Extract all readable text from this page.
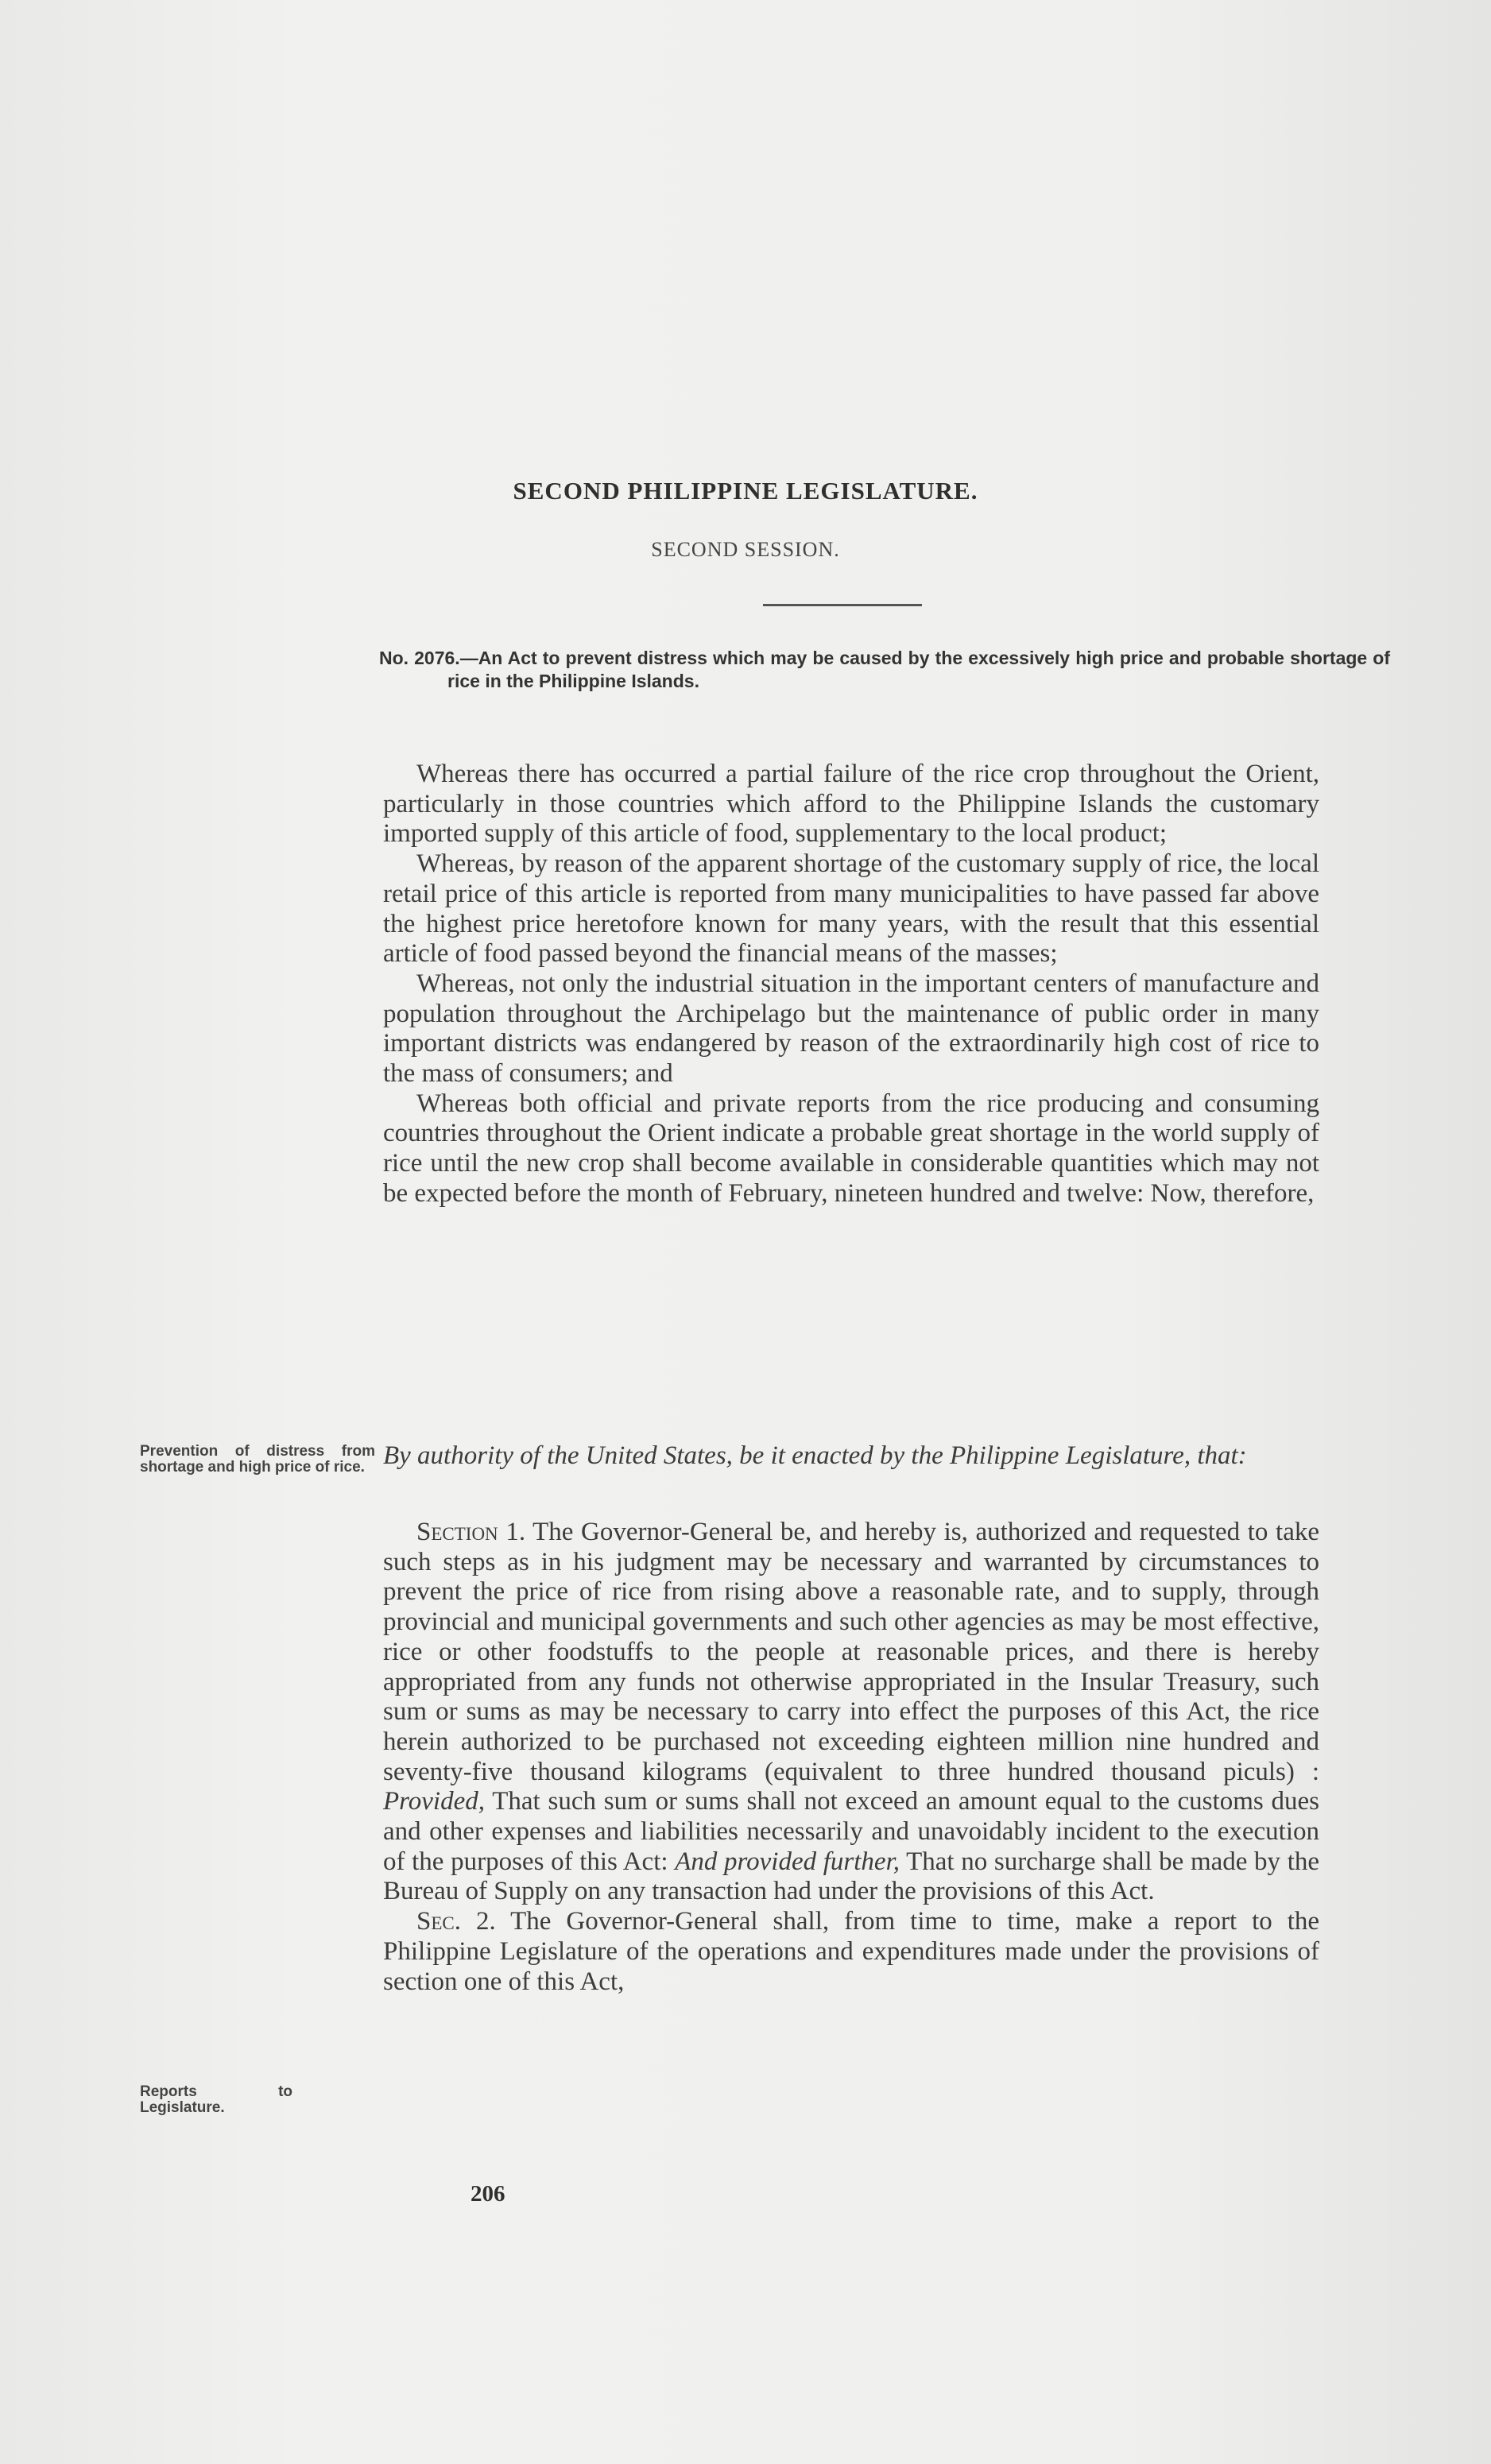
SECOND PHILIPPINE LEGISLATURE.
SECOND SESSION.
No. 2076.—An Act to prevent distress which may be caused by the excessively high price and probable shortage of rice in the Philippine Islands.

Whereas there has occurred a partial failure of the rice crop throughout the Orient, particularly in those countries which afford to the Philippine Islands the customary imported supply of this article of food, supplementary to the local product;

Whereas, by reason of the apparent shortage of the customary supply of rice, the local retail price of this article is reported from many municipalities to have passed far above the highest price heretofore known for many years, with the result that this essential article of food passed beyond the financial means of the masses;

Whereas, not only the industrial situation in the important centers of manufacture and population throughout the Archipelago but the maintenance of public order in many important districts was endangered by reason of the extraordinarily high cost of rice to the mass of consumers; and

Whereas both official and private reports from the rice producing and consuming countries throughout the Orient indicate a probable great shortage in the world supply of rice until the new crop shall become available in considerable quantities which may not be expected before the month of February, nineteen hundred and twelve: Now, therefore,

Prevention of distress from shortage and high price of rice. By authority of the United States, be it enacted by the Philippine Legislature, that:

Section 1. The Governor-General be, and hereby is, authorized and requested to take such steps as in his judgment may be necessary and warranted by circumstances to prevent the price of rice from rising above a reasonable rate, and to supply, through provincial and municipal governments and such other agencies as may be most effective, rice or other foodstuffs to the people at reasonable prices, and there is hereby appropriated from any funds not otherwise appropriated in the Insular Treasury, such sum or sums as may be necessary to carry into effect the purposes of this Act, the rice herein authorized to be purchased not exceeding eighteen million nine hundred and seventy-five thousand kilograms (equivalent to three hundred thousand piculs) : Provided, That such sum or sums shall not exceed an amount equal to the customs dues and other expenses and liabilities necessarily and unavoidably incident to the execution of the purposes of this Act: And provided further, That no surcharge shall be made by the Bureau of Supply on any transaction had under the provisions of this Act.

Sec. 2. The Governor-General shall, from time to time, make a report to the Philippine Legislature of the operations and expenditures made under the provisions of section one of this Act,

Reports to Legislature.
206
